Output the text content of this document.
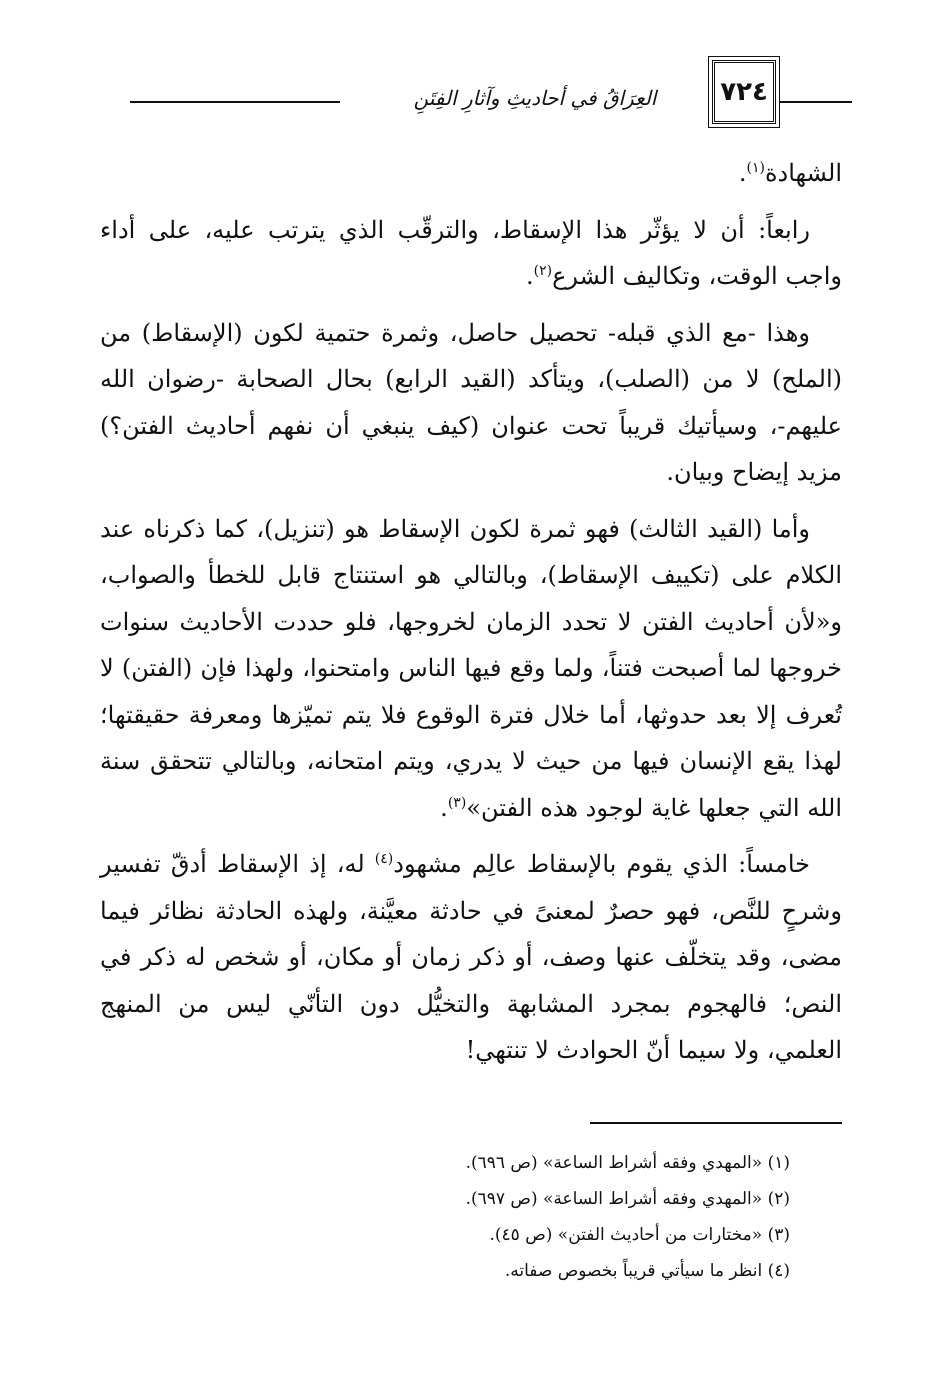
العِرَاقُ في أحاديثِ وآثارِ الفِتَنِ	٧٢٤

الشهادة$^{(١)}$.

رابعاً: أن لا يؤثّر هذا الإسقاط، والترقّب الذي يترتب عليه، على أداء واجب الوقت، وتكاليف الشرع$^{(٢)}$.

وهذا -مع الذي قبله- تحصيل حاصل، وثمرة حتمية لكون (الإسقاط) من (الملح) لا من (الصلب)، ويتأكد (القيد الرابع) بحال الصحابة -رضوان الله عليهم-، وسيأتيك قريباً تحت عنوان (كيف ينبغي أن نفهم أحاديث الفتن؟) مزيد إيضاح وبيان.

وأما (القيد الثالث) فهو ثمرة لكون الإسقاط هو (تنزيل)، كما ذكرناه عند الكلام على (تكييف الإسقاط)، وبالتالي هو استنتاج قابل للخطأ والصواب، و«لأن أحاديث الفتن لا تحدد الزمان لخروجها، فلو حددت الأحاديث سنوات خروجها لما أصبحت فتناً، ولما وقع فيها الناس وامتحنوا، ولهذا فإن (الفتن) لا تُعرف إلا بعد حدوثها، أما خلال فترة الوقوع فلا يتم تميّزها ومعرفة حقيقتها؛ لهذا يقع الإنسان فيها من حيث لا يدري، ويتم امتحانه، وبالتالي تتحقق سنة الله التي جعلها غاية لوجود هذه الفتن»$^{(٣)}$.

خامساً: الذي يقوم بالإسقاط عالِم مشهود$^{(٤)}$ له، إذ الإسقاط أدقّ تفسير وشرحٍ للنَّص، فهو حصرٌ لمعنىً في حادثة معيَّنة، ولهذه الحادثة نظائر فيما مضى، وقد يتخلّف عنها وصف، أو ذكر زمان أو مكان، أو شخص له ذكر في النص؛ فالهجوم بمجرد المشابهة والتخيُّل دون التأنّي ليس من المنهج العلمي، ولا سيما أنّ الحوادث لا تنتهي!

(١) «المهدي وفقه أشراط الساعة» (ص ٦٩٦).

(٢) «المهدي وفقه أشراط الساعة» (ص ٦٩٧).

(٣) «مختارات من أحاديث الفتن» (ص ٤٥).

(٤) انظر ما سيأتي قريباً بخصوص صفاته.
